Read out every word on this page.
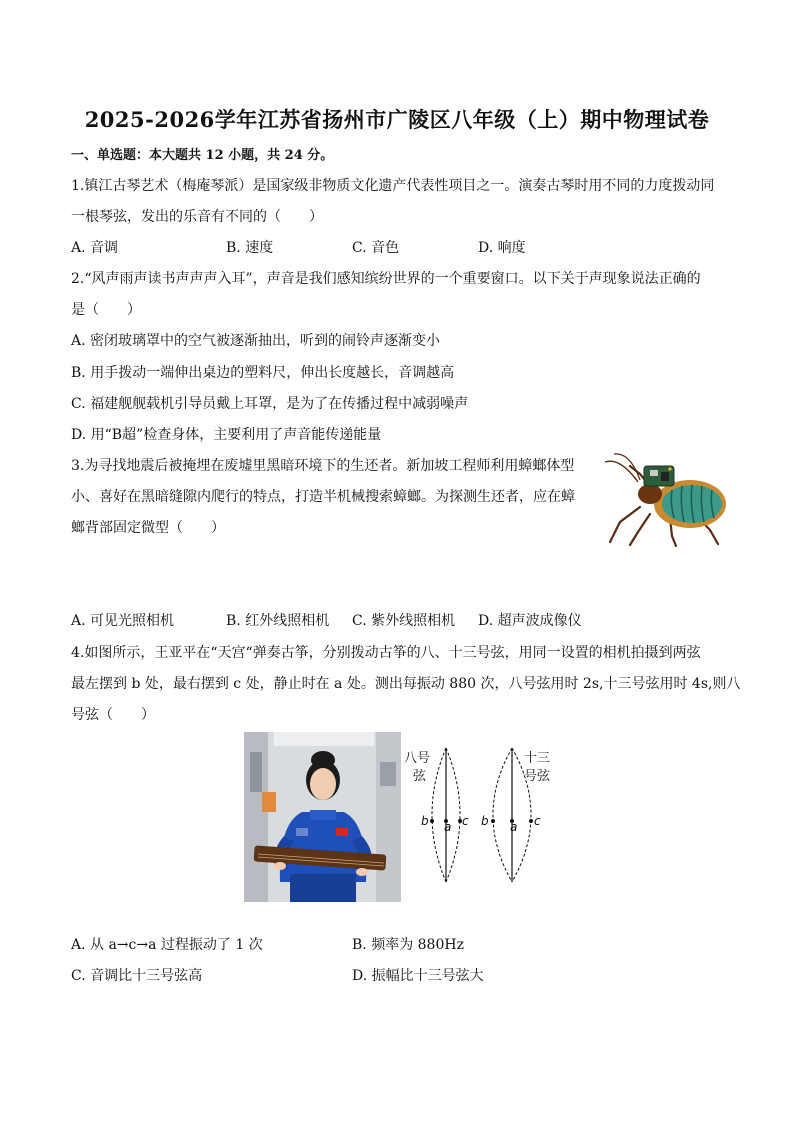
2025-2026学年江苏省扬州市广陵区八年级（上）期中物理试卷
一、单选题：本大题共 12 小题，共 24 分。
1.镇江古琴艺术（梅庵琴派）是国家级非物质文化遗产代表性项目之一。演奏古琴时用不同的力度拨动同
一根琴弦，发出的乐音有不同的（　　）
A. 音调	B. 速度	C. 音色	D. 响度
2.“风声雨声读书声声声入耳”，声音是我们感知缤纷世界的一个重要窗口。以下关于声现象说法正确的
是（　　）
A. 密闭玻璃罩中的空气被逐渐抽出，听到的闹铃声逐渐变小
B. 用手拨动一端伸出桌边的塑料尺，伸出长度越长，音调越高
C. 福建舰舰载机引导员戴上耳罩，是为了在传播过程中减弱噪声
D. 用“B超”检查身体，主要利用了声音能传递能量
3.为寻找地震后被掩埋在废墟里黑暗环境下的生还者。新加坡工程师利用蟑螂体型
小、喜好在黑暗缝隙内爬行的特点，打造半机械搜索蟑螂。为探测生还者，应在蟑
螂背部固定微型（　　）
A. 可见光照相机	B. 红外线照相机 C. 紫外线照相机 D. 超声波成像仪
4.如图所示，王亚平在“天宫“弹奏古筝，分别拨动古筝的八、十三号弦，用同一设置的相机拍摄到两弦
最左摆到 b 处，最右摆到 c 处，静止时在 a 处。测出每振动 880 次，八号弦用时 2s,十三号弦用时 4s,则八
号弦（　　）
八号
弦
b a c
十三
号弦
b a c
A. 从 a→c→a 过程振动了 1 次	B. 频率为 880Hz
C. 音调比十三号弦高	D. 振幅比十三号弦大
